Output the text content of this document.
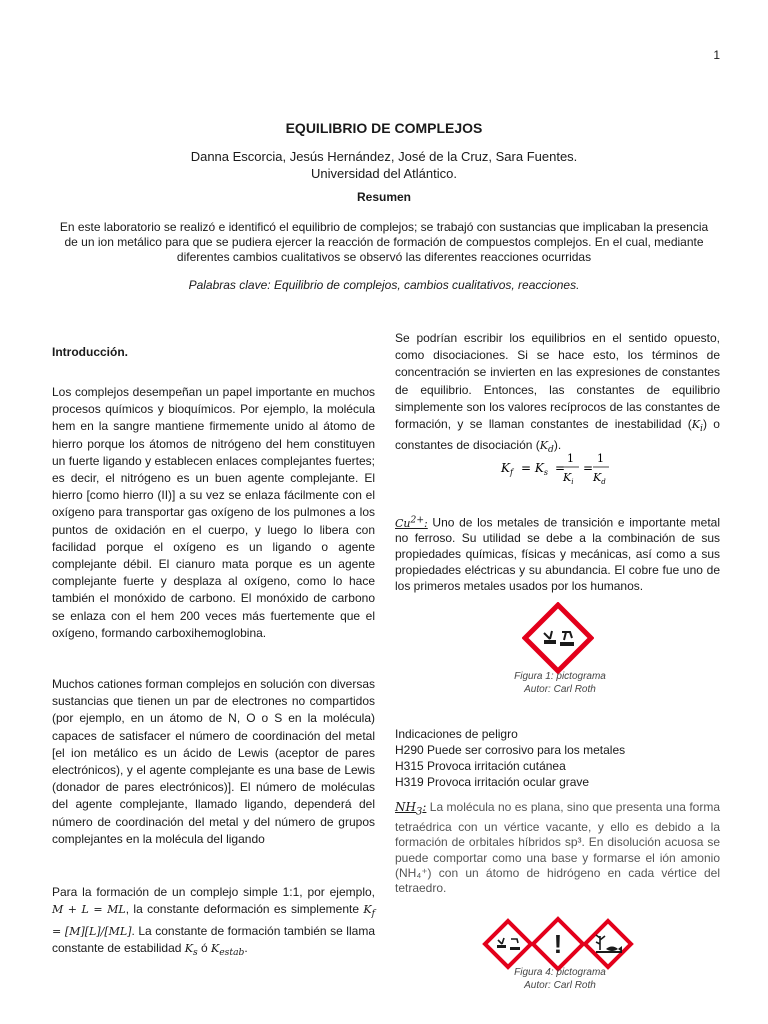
1
EQUILIBRIO DE COMPLEJOS
Danna Escorcia, Jesús Hernández, José de la Cruz, Sara Fuentes.
Universidad del Atlántico.
Resumen
En este laboratorio se realizó e identificó el equilibrio de complejos; se trabajó con sustancias que implicaban la presencia de un ion metálico para que se pudiera ejercer la reacción de formación de compuestos complejos. En el cual, mediante diferentes cambios cualitativos se observó las diferentes reacciones ocurridas
Palabras clave: Equilibrio de complejos, cambios cualitativos, reacciones.
Introducción.
Los complejos desempeñan un papel importante en muchos procesos químicos y bioquímicos. Por ejemplo, la molécula hem en la sangre mantiene firmemente unido al átomo de hierro porque los átomos de nitrógeno del hem constituyen un fuerte ligando y establecen enlaces complejantes fuertes; es decir, el nitrógeno es un buen agente complejante. El hierro [como hierro (II)] a su vez se enlaza fácilmente con el oxígeno para transportar gas oxígeno de los pulmones a los puntos de oxidación en el cuerpo, y luego lo libera con facilidad porque el oxígeno es un ligando o agente complejante débil. El cianuro mata porque es un agente complejante fuerte y desplaza al oxígeno, como lo hace también el monóxido de carbono. El monóxido de carbono se enlaza con el hem 200 veces más fuertemente que el oxígeno, formando carboxihemoglobina.
Muchos cationes forman complejos en solución con diversas sustancias que tienen un par de electrones no compartidos (por ejemplo, en un átomo de N, O o S en la molécula) capaces de satisfacer el número de coordinación del metal [el ion metálico es un ácido de Lewis (aceptor de pares electrónicos), y el agente complejante es una base de Lewis (donador de pares electrónicos)]. El número de moléculas del agente complejante, llamado ligando, dependerá del número de coordinación del metal y del número de grupos complejantes en la molécula del ligando
Para la formación de un complejo simple 1:1, por ejemplo, M + L = ML, la constante deformación es simplemente $K_f = [M][L]/[ML]$. La constante de formación también se llama constante de estabilidad $K_s$ ó $K_{estab}$.
Se podrían escribir los equilibrios en el sentido opuesto, como disociaciones. Si se hace esto, los términos de concentración se invierten en las expresiones de constantes de equilibrio. Entonces, las constantes de equilibrio simplemente son los valores recíprocos de las constantes de formación, y se llaman constantes de inestabilidad $(K_i)$ o constantes de disociación $(K_d)$.
$K_f = K_s$ =
1
$K_i$
=
1
$K_d$
$Cu^{2+}$: Uno de los metales de transición e importante metal no ferroso. Su utilidad se debe a la combinación de sus propiedades químicas, físicas y mecánicas, así como a sus propiedades eléctricas y su abundancia. El cobre fue uno de los primeros metales usados por los humanos.
Figura 1: pictograma
Autor: Carl Roth
Indicaciones de peligro
H290 Puede ser corrosivo para los metales
H315 Provoca irritación cutánea
H319 Provoca irritación ocular grave
$NH_3$: La molécula no es plana, sino que presenta una forma tetraédrica con un vértice vacante, y ello es debido a la formación de orbitales híbridos sp³. En disolución acuosa se puede comportar como una base y formarse el ión amonio (NH₄⁺) con un átomo de hidrógeno en cada vértice del tetraedro.
!
Figura 4: pictograma
Autor: Carl Roth
